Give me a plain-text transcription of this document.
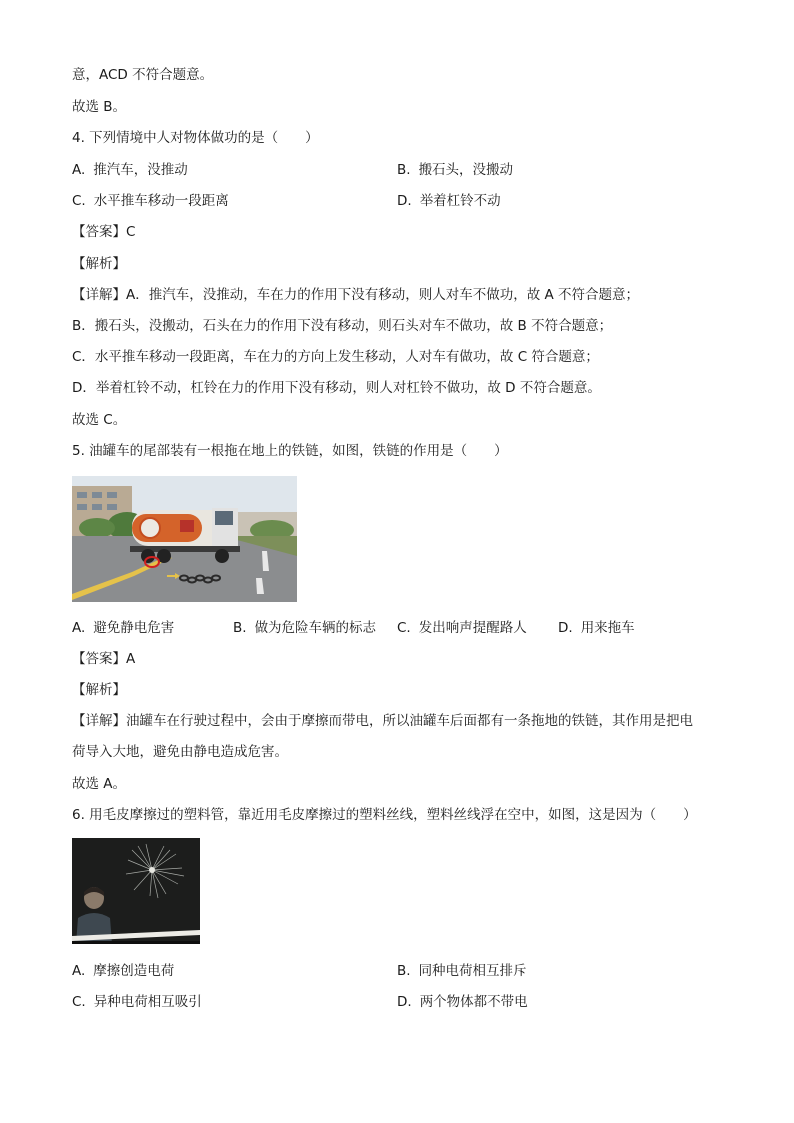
意，ACD 不符合题意。
故选 B。
4. 下列情境中人对物体做功的是（　　）
A. 推汽车，没推动	B. 搬石头，没搬动
C. 水平推车移动一段距离	D. 举着杠铃不动
【答案】C
【解析】
【详解】A．推汽车，没推动，车在力的作用下没有移动，则人对车不做功，故 A 不符合题意；
B．搬石头，没搬动，石头在力的作用下没有移动，则石头对车不做功，故 B 不符合题意；
C．水平推车移动一段距离，车在力的方向上发生移动，人对车有做功，故 C 符合题意；
D．举着杠铃不动，杠铃在力的作用下没有移动，则人对杠铃不做功，故 D 不符合题意。
故选 C。
5. 油罐车的尾部装有一根拖在地上的铁链，如图，铁链的作用是（　　）
A. 避免静电危害	B. 做为危险车辆的标志 C. 发出响声提醒路人 D. 用来拖车
【答案】A
【解析】
【详解】油罐车在行驶过程中，会由于摩擦而带电，所以油罐车后面都有一条拖地的铁链，其作用是把电
荷导入大地，避免由静电造成危害。
故选 A。
6. 用毛皮摩擦过的塑料管，靠近用毛皮摩擦过的塑料丝线，塑料丝线浮在空中，如图，这是因为（　　）
A. 摩擦创造电荷	B. 同种电荷相互排斥
C. 异种电荷相互吸引	D. 两个物体都不带电
